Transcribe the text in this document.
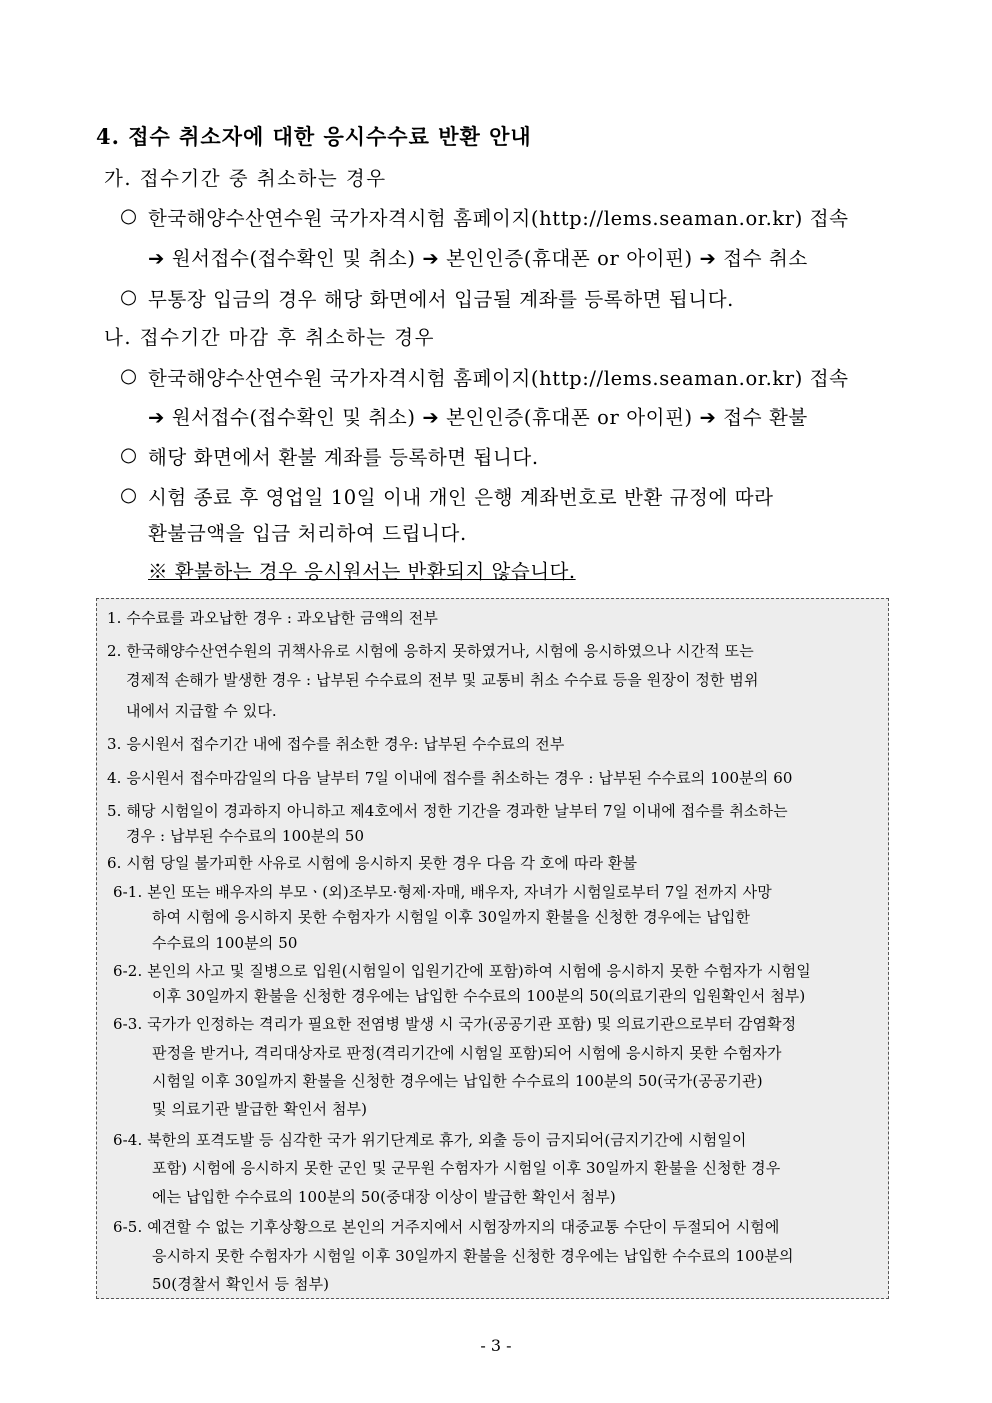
4. 접수 취소자에 대한 응시수수료 반환 안내
가. 접수기간 중 취소하는 경우
○ 한국해양수산연수원 국가자격시험 홈페이지(http://lems.seaman.or.kr) 접속
➔ 원서접수(접수확인 및 취소) ➔ 본인인증(휴대폰 or 아이핀) ➔ 접수 취소
○ 무통장 입금의 경우 해당 화면에서 입금될 계좌를 등록하면 됩니다.
나. 접수기간 마감 후 취소하는 경우
○ 한국해양수산연수원 국가자격시험 홈페이지(http://lems.seaman.or.kr) 접속
➔ 원서접수(접수확인 및 취소) ➔ 본인인증(휴대폰 or 아이핀) ➔ 접수 환불
○ 해당 화면에서 환불 계좌를 등록하면 됩니다.
○ 시험 종료 후 영업일 10일 이내 개인 은행 계좌번호로 반환 규정에 따라
환불금액을 입금 처리하여 드립니다.
※ 환불하는 경우 응시원서는 반환되지 않습니다.
1. 수수료를 과오납한 경우 : 과오납한 금액의 전부
2. 한국해양수산연수원의 귀책사유로 시험에 응하지 못하였거나, 시험에 응시하였으나 시간적 또는
경제적 손해가 발생한 경우 : 납부된 수수료의 전부 및 교통비 취소 수수료 등을 원장이 정한 범위
내에서 지급할 수 있다.
3. 응시원서 접수기간 내에 접수를 취소한 경우: 납부된 수수료의 전부
4. 응시원서 접수마감일의 다음 날부터 7일 이내에 접수를 취소하는 경우 : 납부된 수수료의 100분의 60
5. 해당 시험일이 경과하지 아니하고 제4호에서 정한 기간을 경과한 날부터 7일 이내에 접수를 취소하는
경우 : 납부된 수수료의 100분의 50
6. 시험 당일 불가피한 사유로 시험에 응시하지 못한 경우 다음 각 호에 따라 환불
6-1. 본인 또는 배우자의 부모ㆍ(외)조부모·형제·자매, 배우자, 자녀가 시험일로부터 7일 전까지 사망
하여 시험에 응시하지 못한 수험자가 시험일 이후 30일까지 환불을 신청한 경우에는 납입한
수수료의 100분의 50
6-2. 본인의 사고 및 질병으로 입원(시험일이 입원기간에 포함)하여 시험에 응시하지 못한 수험자가 시험일
이후 30일까지 환불을 신청한 경우에는 납입한 수수료의 100분의 50(의료기관의 입원확인서 첨부)
6-3. 국가가 인정하는 격리가 필요한 전염병 발생 시 국가(공공기관 포함) 및 의료기관으로부터 감염확정
판정을 받거나, 격리대상자로 판정(격리기간에 시험일 포함)되어 시험에 응시하지 못한 수험자가
시험일 이후 30일까지 환불을 신청한 경우에는 납입한 수수료의 100분의 50(국가(공공기관)
및 의료기관 발급한 확인서 첨부)
6-4. 북한의 포격도발 등 심각한 국가 위기단계로 휴가, 외출 등이 금지되어(금지기간에 시험일이
포함) 시험에 응시하지 못한 군인 및 군무원 수험자가 시험일 이후 30일까지 환불을 신청한 경우
에는 납입한 수수료의 100분의 50(중대장 이상이 발급한 확인서 첨부)
6-5. 예견할 수 없는 기후상황으로 본인의 거주지에서 시험장까지의 대중교통 수단이 두절되어 시험에
응시하지 못한 수험자가 시험일 이후 30일까지 환불을 신청한 경우에는 납입한 수수료의 100분의
50(경찰서 확인서 등 첨부)
- 3 -
